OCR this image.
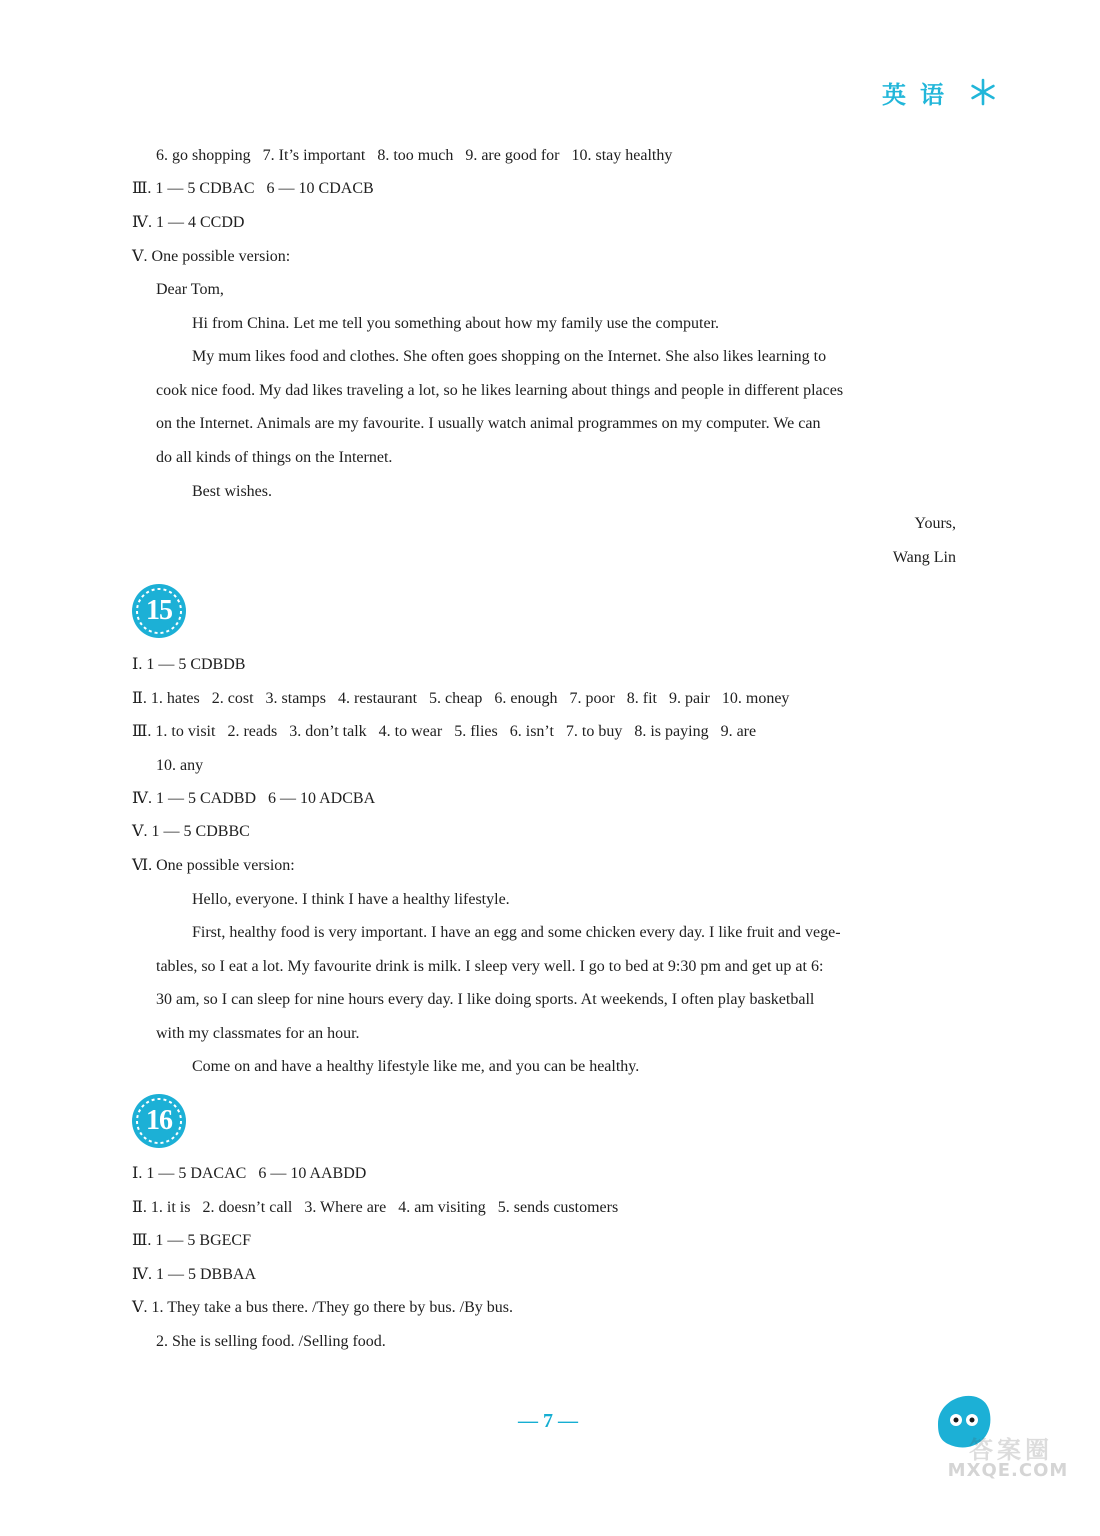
英语
6. go shopping   7. It’s important   8. too much   9. are good for   10. stay healthy
Ⅲ. 1 — 5 CDBAC   6 — 10 CDACB
Ⅳ. 1 — 4 CCDD
Ⅴ. One possible version:
Dear Tom,
Hi from China. Let me tell you something about how my family use the computer.
My mum likes food and clothes. She often goes shopping on the Internet. She also likes learning to
cook nice food. My dad likes traveling a lot, so he likes learning about things and people in different places
on the Internet. Animals are my favourite. I usually watch animal programmes on my computer. We can
do all kinds of things on the Internet.
Best wishes.
Yours,
Wang Lin
15
Ⅰ. 1 — 5 CDBDB
Ⅱ. 1. hates   2. cost   3. stamps   4. restaurant   5. cheap   6. enough   7. poor   8. fit   9. pair   10. money
Ⅲ. 1. to visit   2. reads   3. don’t talk   4. to wear   5. flies   6. isn’t   7. to buy   8. is paying   9. are
10. any
Ⅳ. 1 — 5 CADBD   6 — 10 ADCBA
Ⅴ. 1 — 5 CDBBC
Ⅵ. One possible version:
Hello, everyone. I think I have a healthy lifestyle.
First, healthy food is very important. I have an egg and some chicken every day. I like fruit and vege-
tables, so I eat a lot. My favourite drink is milk. I sleep very well. I go to bed at 9:30 pm and get up at 6:
30 am, so I can sleep for nine hours every day. I like doing sports. At weekends, I often play basketball
with my classmates for an hour.
Come on and have a healthy lifestyle like me, and you can be healthy.
16
Ⅰ. 1 — 5 DACAC   6 — 10 AABDD
Ⅱ. 1. it is   2. doesn’t call   3. Where are   4. am visiting   5. sends customers
Ⅲ. 1 — 5 BGECF
Ⅳ. 1 — 5 DBBAA
Ⅴ. 1. They take a bus there. /They go there by bus. /By bus.
2. She is selling food. /Selling food.
— 7 —
答案圈
MXQE.COM
